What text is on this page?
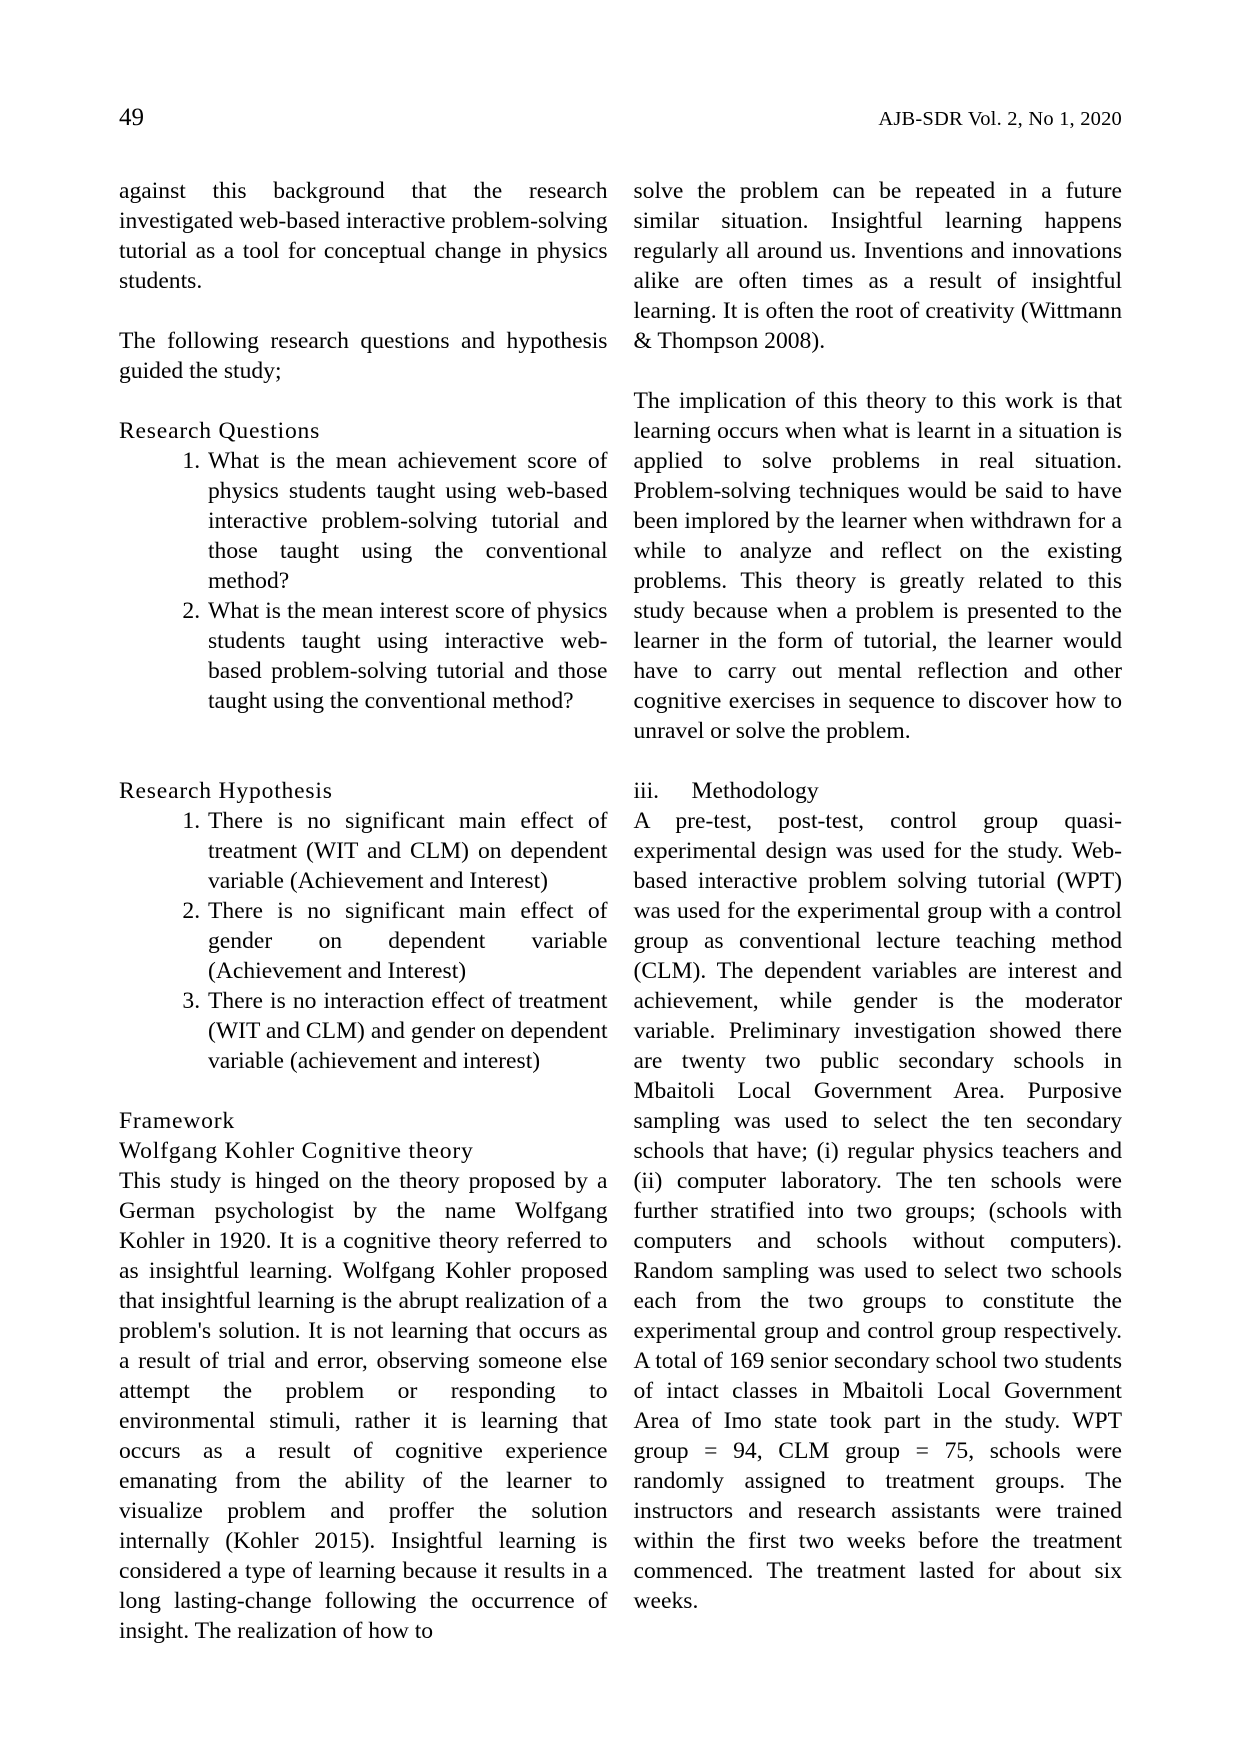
49	AJB-SDR Vol. 2, No 1, 2020

against this background that the research investigated web-based interactive problem-solving tutorial as a tool for conceptual change in physics students.

The following research questions and hypothesis guided the study;

Research Questions
1. What is the mean achievement score of physics students taught using web-based interactive problem-solving tutorial and those taught using the conventional method?
2. What is the mean interest score of physics students taught using interactive web-based problem-solving tutorial and those taught using the conventional method?
Research Hypothesis
1. There is no significant main effect of treatment (WIT and CLM) on dependent variable (Achievement and Interest)
2. There is no significant main effect of gender on dependent variable (Achievement and Interest)
3. There is no interaction effect of treatment (WIT and CLM) and gender on dependent variable (achievement and interest)
Framework
Wolfgang Kohler Cognitive theory

This study is hinged on the theory proposed by a German psychologist by the name Wolfgang Kohler in 1920. It is a cognitive theory referred to as insightful learning. Wolfgang Kohler proposed that insightful learning is the abrupt realization of a problem's solution. It is not learning that occurs as a result of trial and error, observing someone else attempt the problem or responding to environmental stimuli, rather it is learning that occurs as a result of cognitive experience emanating from the ability of the learner to visualize problem and proffer the solution internally (Kohler 2015). Insightful learning is considered a type of learning because it results in a long lasting-change following the occurrence of insight. The realization of how to

solve the problem can be repeated in a future similar situation. Insightful learning happens regularly all around us. Inventions and innovations alike are often times as a result of insightful learning. It is often the root of creativity (Wittmann & Thompson 2008).

The implication of this theory to this work is that learning occurs when what is learnt in a situation is applied to solve problems in real situation. Problem-solving techniques would be said to have been implored by the learner when withdrawn for a while to analyze and reflect on the existing problems. This theory is greatly related to this study because when a problem is presented to the learner in the form of tutorial, the learner would have to carry out mental reflection and other cognitive exercises in sequence to discover how to unravel or solve the problem.

iii. Methodology

A pre-test, post-test, control group quasi-experimental design was used for the study. Web-based interactive problem solving tutorial (WPT) was used for the experimental group with a control group as conventional lecture teaching method (CLM). The dependent variables are interest and achievement, while gender is the moderator variable. Preliminary investigation showed there are twenty two public secondary schools in Mbaitoli Local Government Area. Purposive sampling was used to select the ten secondary schools that have; (i) regular physics teachers and (ii) computer laboratory. The ten schools were further stratified into two groups; (schools with computers and schools without computers). Random sampling was used to select two schools each from the two groups to constitute the experimental group and control group respectively. A total of 169 senior secondary school two students of intact classes in Mbaitoli Local Government Area of Imo state took part in the study. WPT group = 94, CLM group = 75, schools were randomly assigned to treatment groups. The instructors and research assistants were trained within the first two weeks before the treatment commenced. The treatment lasted for about six weeks.
